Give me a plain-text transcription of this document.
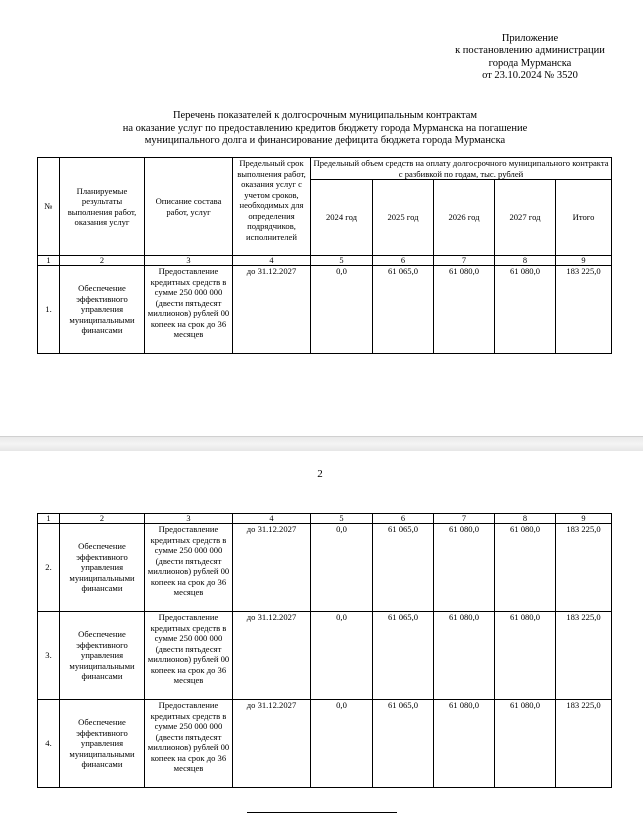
Приложение
к постановлению администрации
города Мурманска
от 23.10.2024 № 3520
Перечень показателей к долгосрочным муниципальным контрактам
на оказание услуг по предоставлению кредитов бюджету города Мурманска на погашение
муниципального долга и финансирование дефицита бюджета города Мурманска
№	Планируемые результаты выполнения работ, оказания услуг	Описание состава работ, услуг	Предельный срок выполнения работ, оказания услуг с учетом сроков, необходимых для определения подрядчиков, исполнителей	Предельный объем средств на оплату долгосрочного муниципального контракта с разбивкой по годам, тыс. рублей				
				2024 год	2025 год	2026 год	2027 год	Итого
1	2	3	4	5	6	7	8	9
1.	Обеспечение эффективного управления муниципальными финансами	Предоставление кредитных средств в сумме 250 000 000 (двести пятьдесят миллионов) рублей 00 копеек на срок до 36 месяцев	до 31.12.2027	0,0	61 065,0	61 080,0	61 080,0	183 225,0
2
1	2	3	4	5	6	7	8	9
2.	Обеспечение эффективного управления муниципальными финансами	Предоставление кредитных средств в сумме 250 000 000 (двести пятьдесят миллионов) рублей 00 копеек на срок до 36 месяцев	до 31.12.2027	0,0	61 065,0	61 080,0	61 080,0	183 225,0
3.	Обеспечение эффективного управления муниципальными финансами	Предоставление кредитных средств в сумме 250 000 000 (двести пятьдесят миллионов) рублей 00 копеек на срок до 36 месяцев	до 31.12.2027	0,0	61 065,0	61 080,0	61 080,0	183 225,0
4.	Обеспечение эффективного управления муниципальными финансами	Предоставление кредитных средств в сумме 250 000 000 (двести пятьдесят миллионов) рублей 00 копеек на срок до 36 месяцев	до 31.12.2027	0,0	61 065,0	61 080,0	61 080,0	183 225,0
